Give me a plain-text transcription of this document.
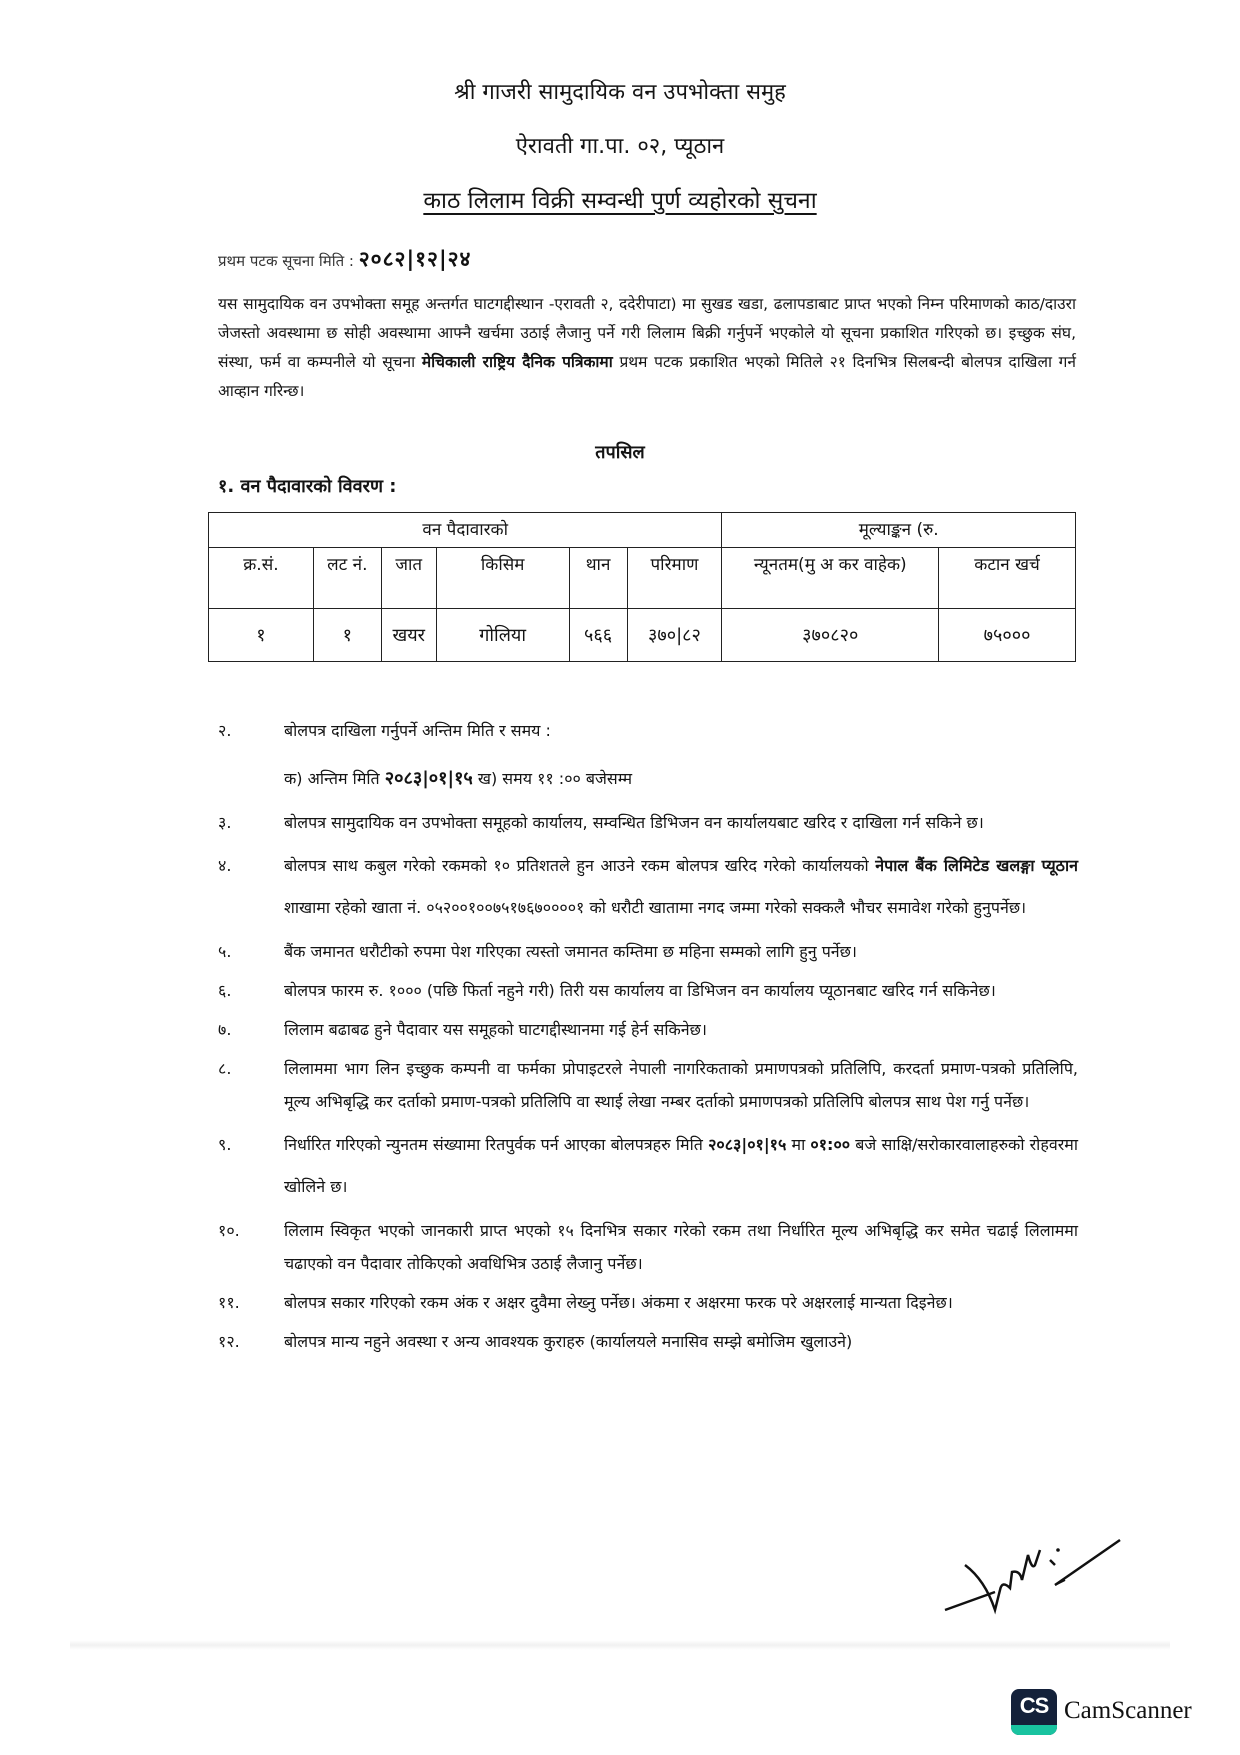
श्री गाजरी सामुदायिक वन उपभोक्ता समुह
ऐरावती गा.पा. ०२, प्यूठान
काठ लिलाम विक्री सम्वन्धी पुर्ण व्यहोरको सुचना
प्रथम पटक सूचना मिति : २०८२|१२|२४
यस सामुदायिक वन उपभोक्ता समूह अन्तर्गत घाटगद्दीस्थान -एरावती २, ददेरीपाटा) मा सुखड खडा, ढलापडाबाट प्राप्त भएको निम्न परिमाणको काठ/दाउरा जेजस्तो अवस्थामा छ सोही अवस्थामा आफ्नै खर्चमा उठाई लैजानु पर्ने गरी लिलाम बिक्री गर्नुपर्ने भएकोले यो सूचना प्रकाशित गरिएको छ। इच्छुक संघ, संस्था, फर्म वा कम्पनीले यो सूचना मेचिकाली राष्ट्रिय दैनिक पत्रिकामा प्रथम पटक प्रकाशित भएको मितिले २१ दिनभित्र सिलबन्दी बोलपत्र दाखिला गर्न आव्हान गरिन्छ।
तपसिल
१. वन पैदावारको विवरण :
वन पैदावारको						मूल्याङ्कन (रु.	
क्र.सं.	लट नं.	जात	किसिम	थान	परिमाण	न्यूनतम(मु अ कर वाहेक)	कटान खर्च
१	१	खयर	गोलिया	५६६	३७०|८२	३७०८२०	७५०००
२.	बोलपत्र दाखिला गर्नुपर्ने अन्तिम मिति र समय :
क) अन्तिम मिति २०८३|०१|१५ ख) समय ११ :०० बजेसम्म
३.	बोलपत्र सामुदायिक वन उपभोक्ता समूहको कार्यालय, सम्वन्धित डिभिजन वन कार्यालयबाट खरिद र दाखिला गर्न सकिने छ।
४.	बोलपत्र साथ कबुल गरेको रकमको १० प्रतिशतले हुन आउने रकम बोलपत्र खरिद गरेको कार्यालयको नेपाल बैंक लिमिटेड खलङ्गा प्यूठान शाखामा रहेको खाता नं. ०५२००१००७५१७६७००००१ को धरौटी खातामा नगद जम्मा गरेको सक्कलै भौचर समावेश गरेको हुनुपर्नेछ।
५.	बैंक जमानत धरौटीको रुपमा पेश गरिएका त्यस्तो जमानत कम्तिमा छ महिना सम्मको लागि हुनु पर्नेछ।
६.	बोलपत्र फारम रु. १००० (पछि फिर्ता नहुने गरी) तिरी यस कार्यालय वा डिभिजन वन कार्यालय प्यूठानबाट खरिद गर्न सकिनेछ।
७.	लिलाम बढाबढ हुने पैदावार यस समूहको घाटगद्दीस्थानमा गई हेर्न सकिनेछ।
८.	लिलाममा भाग लिन इच्छुक कम्पनी वा फर्मका प्रोपाइटरले नेपाली नागरिकताको प्रमाणपत्रको प्रतिलिपि, करदर्ता प्रमाण-पत्रको प्रतिलिपि, मूल्य अभिबृद्धि कर दर्ताको प्रमाण-पत्रको प्रतिलिपि वा स्थाई लेखा नम्बर दर्ताको प्रमाणपत्रको प्रतिलिपि बोलपत्र साथ पेश गर्नु पर्नेछ।
९.	निर्धारित गरिएको न्युनतम संख्यामा रितपुर्वक पर्न आएका बोलपत्रहरु मिति २०८३|०१|१५ मा ०१:०० बजे साक्षि/सरोकारवालाहरुको रोहवरमा खोलिने छ।
१०.	लिलाम स्विकृत भएको जानकारी प्राप्त भएको १५ दिनभित्र सकार गरेको रकम तथा निर्धारित मूल्य अभिबृद्धि कर समेत चढाई लिलाममा चढाएको वन पैदावार तोकिएको अवधिभित्र उठाई लैजानु पर्नेछ।
११.	बोलपत्र सकार गरिएको रकम अंक र अक्षर दुवैमा लेख्नु पर्नेछ। अंकमा र अक्षरमा फरक परे अक्षरलाई मान्यता दिइनेछ।
१२.	बोलपत्र मान्य नहुने अवस्था र अन्य आवश्यक कुराहरु (कार्यालयले मनासिव सम्झे बमोजिम खुलाउने)
CS CamScanner
